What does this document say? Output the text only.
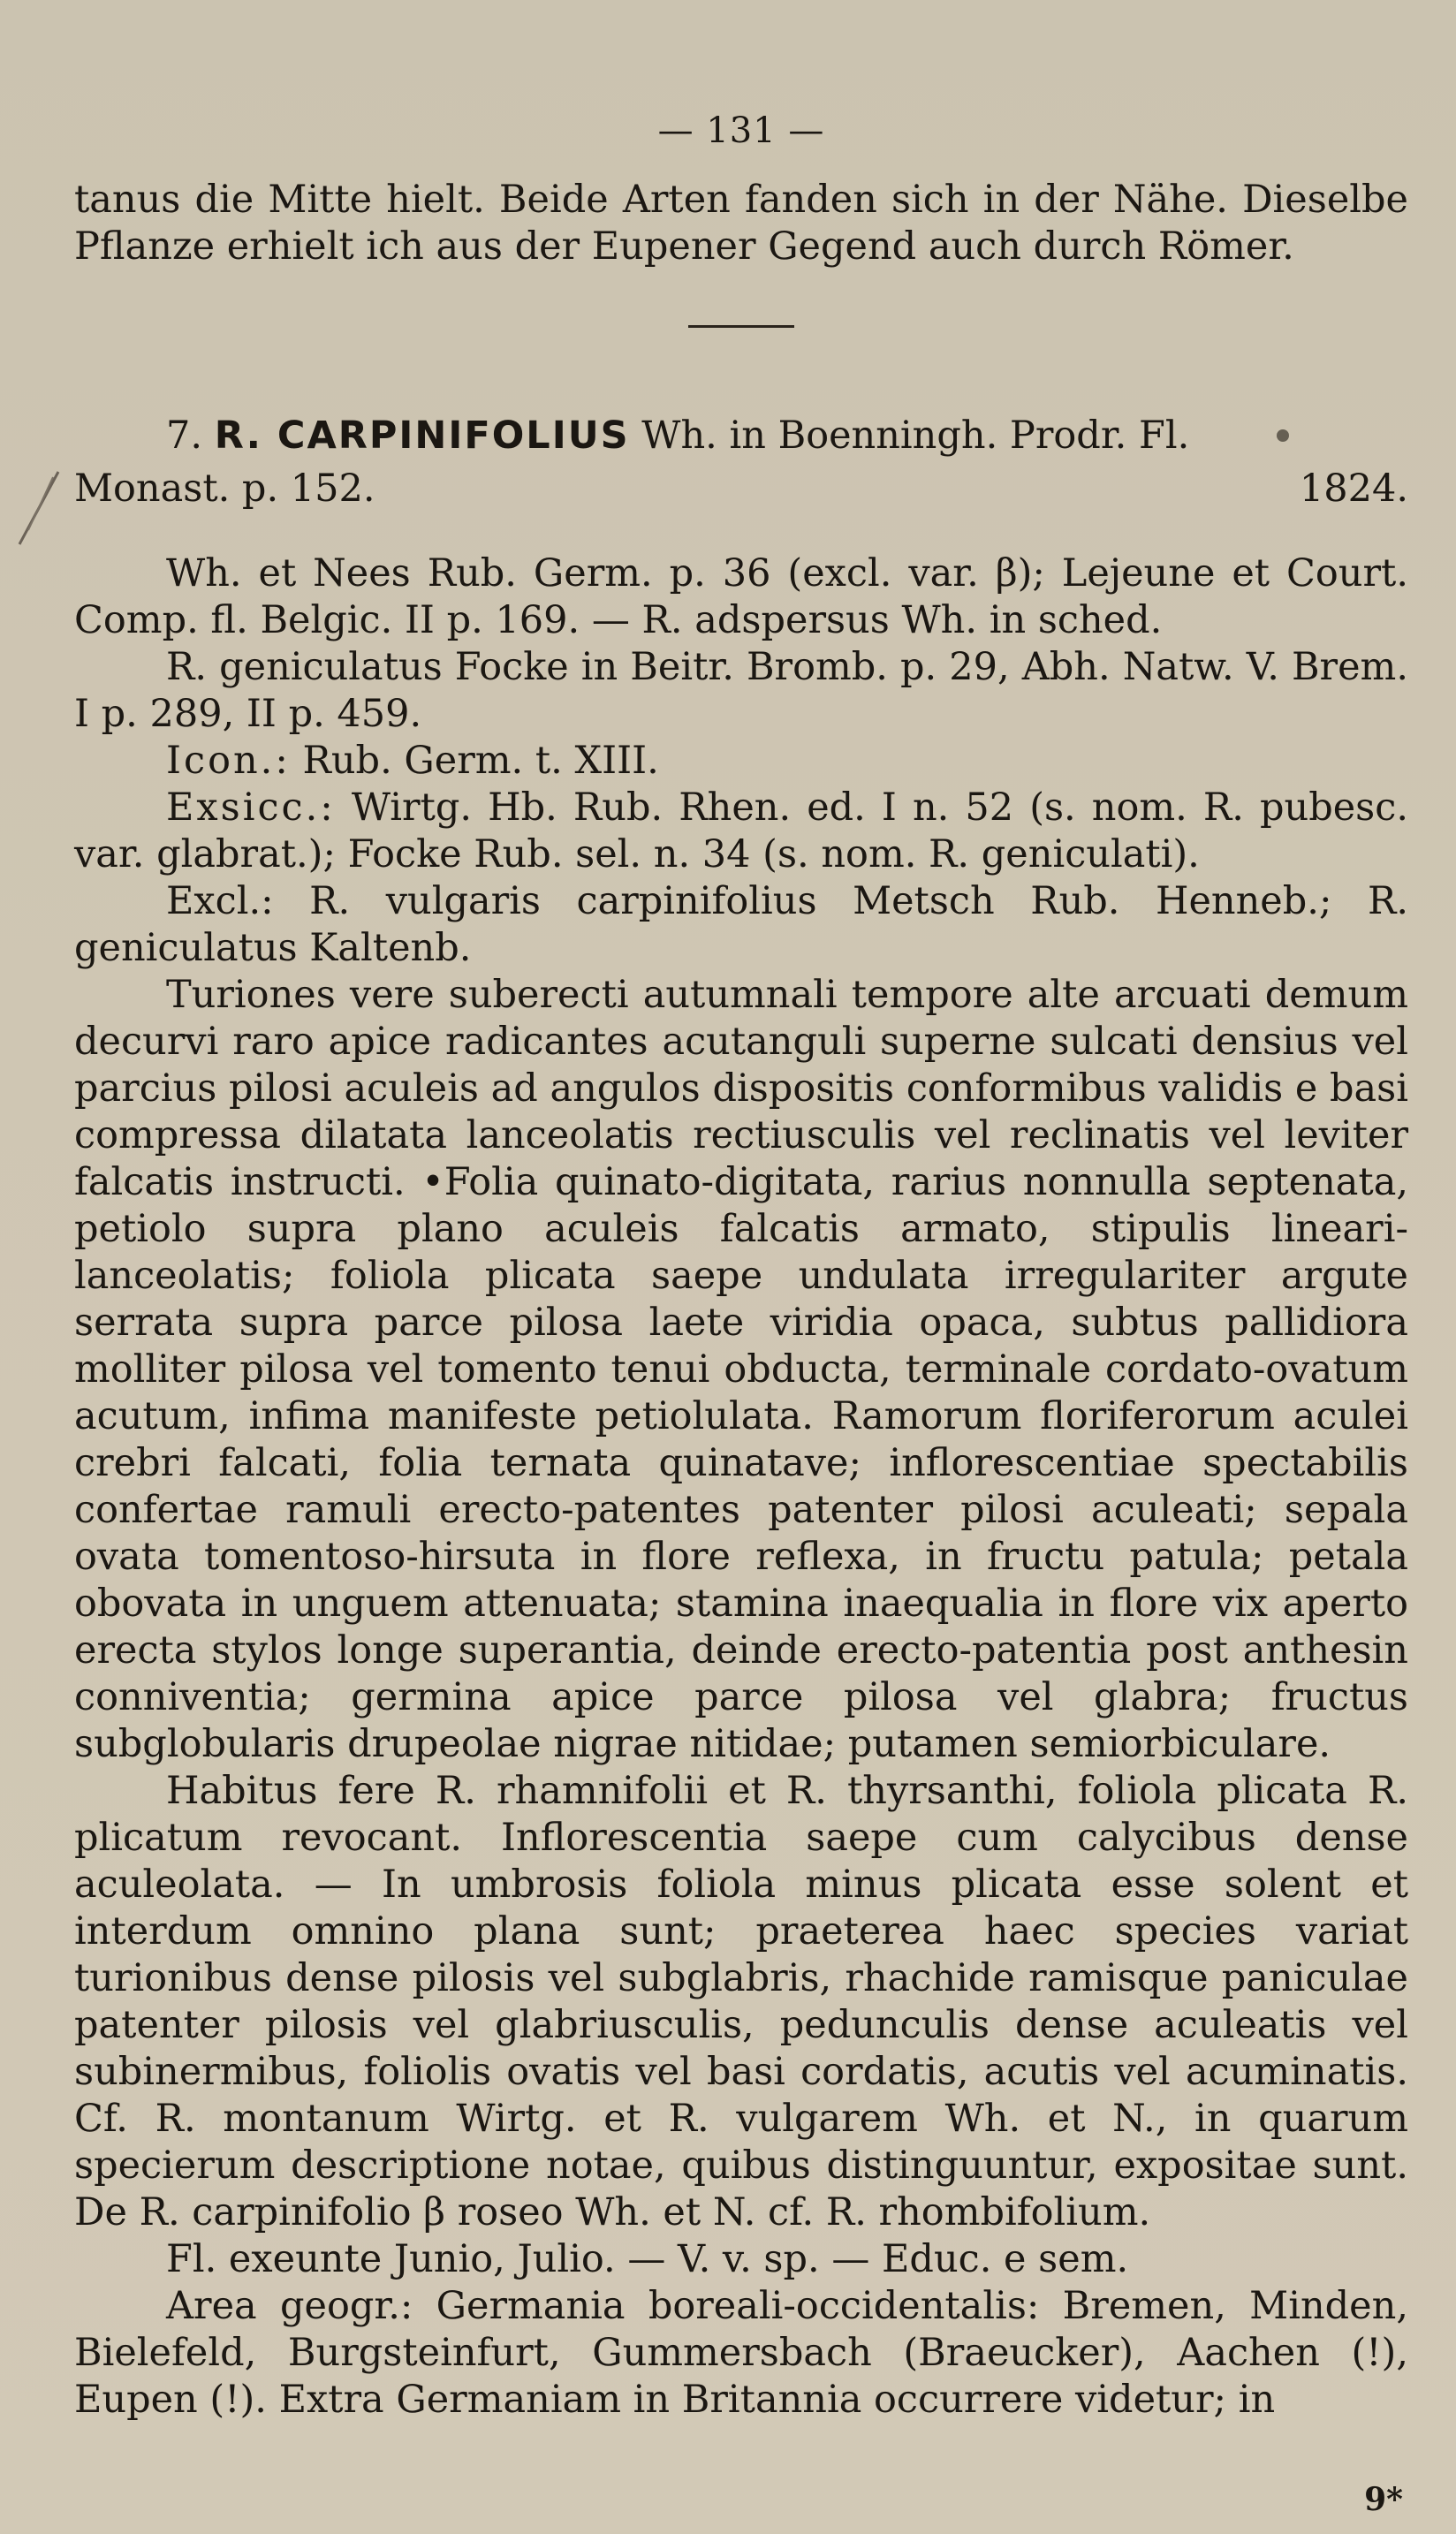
— 131 —

tanus die Mitte hielt. Beide Arten fanden sich in der Nähe. Dieselbe Pflanze erhielt ich aus der Eupener Gegend auch durch Römer.

7. R. CARPINIFOLIUS Wh. in Boenningh. Prodr. Fl.

Monast. p. 152.	1824.

Wh. et Nees Rub. Germ. p. 36 (excl. var. β); Lejeune et Court. Comp. fl. Belgic. II p. 169. — R. adspersus Wh. in sched.

R. geniculatus Focke in Beitr. Bromb. p. 29, Abh. Natw. V. Brem. I p. 289, II p. 459.

Icon.: Rub. Germ. t. XIII.

Exsicc.: Wirtg. Hb. Rub. Rhen. ed. I n. 52 (s. nom. R. pubesc. var. glabrat.); Focke Rub. sel. n. 34 (s. nom. R. geniculati).

Excl.: R. vulgaris carpinifolius Metsch Rub. Henneb.; R. geniculatus Kaltenb.

Turiones vere suberecti autumnali tempore alte arcuati demum decurvi raro apice radicantes acutanguli superne sulcati densius vel parcius pilosi aculeis ad angulos dispositis conformibus validis e basi compressa dilatata lanceolatis rectiusculis vel reclinatis vel leviter falcatis instructi. •Folia quinato-digitata, rarius nonnulla septenata, petiolo supra plano aculeis falcatis armato, stipulis lineari-lanceolatis; foliola plicata saepe undulata irregulariter argute serrata supra parce pilosa laete viridia opaca, subtus pallidiora molliter pilosa vel tomento tenui obducta, terminale cordato-ovatum acutum, infima manifeste petiolulata. Ramorum floriferorum aculei crebri falcati, folia ternata quinatave; inflorescentiae spectabilis confertae ramuli erecto-patentes patenter pilosi aculeati; sepala ovata tomentoso-hirsuta in flore reflexa, in fructu patula; petala obovata in unguem attenuata; stamina inaequalia in flore vix aperto erecta stylos longe superantia, deinde erecto-patentia post anthesin conniventia; germina apice parce pilosa vel glabra; fructus subglobularis drupeolae nigrae nitidae; putamen semiorbiculare.

Habitus fere R. rhamnifolii et R. thyrsanthi, foliola plicata R. plicatum revocant. Inflorescentia saepe cum calycibus dense aculeolata. — In umbrosis foliola minus plicata esse solent et interdum omnino plana sunt; praeterea haec species variat turionibus dense pilosis vel subglabris, rhachide ramisque paniculae patenter pilosis vel glabriusculis, pedunculis dense aculeatis vel subinermibus, foliolis ovatis vel basi cordatis, acutis vel acuminatis. Cf. R. montanum Wirtg. et R. vulgarem Wh. et N., in quarum specierum descriptione notae, quibus distinguuntur, expositae sunt. De R. carpinifolio β roseo Wh. et N. cf. R. rhombifolium.

Fl. exeunte Junio, Julio. — V. v. sp. — Educ. e sem.

Area geogr.: Germania boreali-occidentalis: Bremen, Minden, Bielefeld, Burgsteinfurt, Gummersbach (Braeucker), Aachen (!), Eupen (!). Extra Germaniam in Britannia occurrere videtur; in

9*
